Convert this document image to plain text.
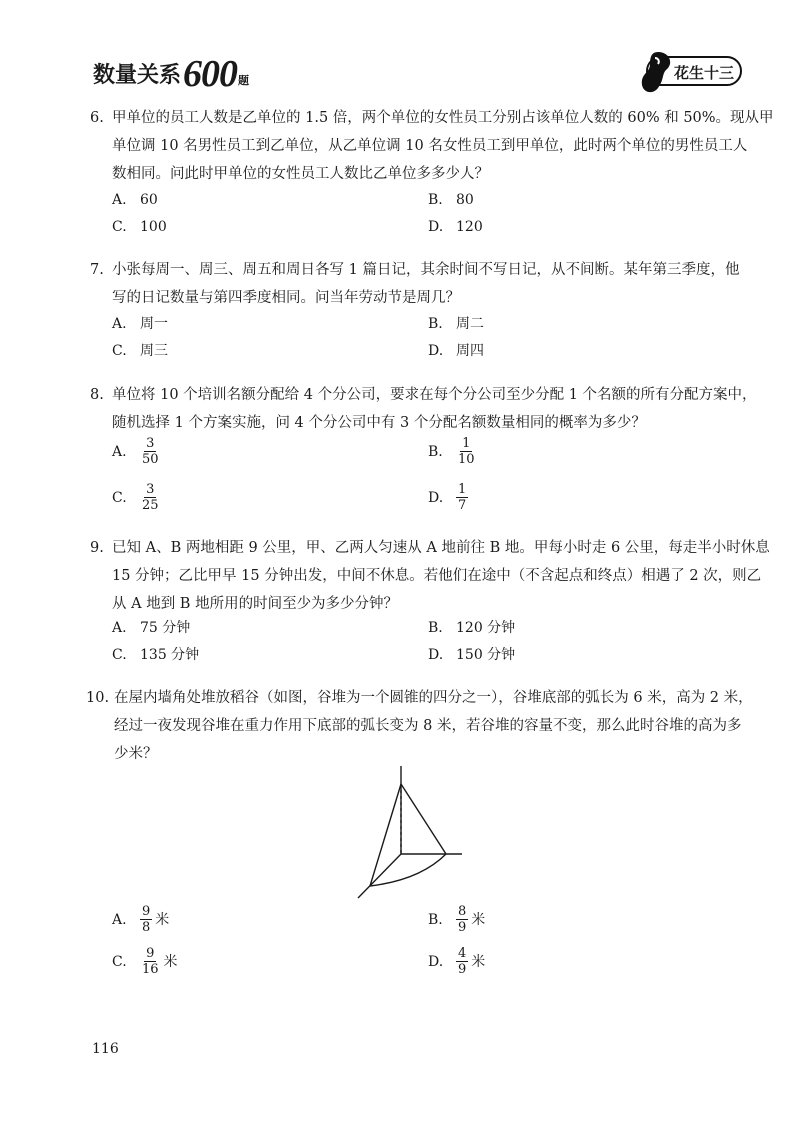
数量关系 600 题	花生十三
6. 甲单位的员工人数是乙单位的 1.5 倍，两个单位的女性员工分别占该单位人数的 60% 和 50%。现从甲
单位调 10 名男性员工到乙单位，从乙单位调 10 名女性员工到甲单位，此时两个单位的男性员工人
数相同。问此时甲单位的女性员工人数比乙单位多多少人？
A. 60	B. 80
C. 100	D. 120
7. 小张每周一、周三、周五和周日各写 1 篇日记，其余时间不写日记，从不间断。某年第三季度，他
写的日记数量与第四季度相同。问当年劳动节是周几？
A. 周一	B. 周二
C. 周三	D. 周四
8. 单位将 10 个培训名额分配给 4 个分公司，要求在每个分公司至少分配 1 个名额的所有分配方案中，
随机选择 1 个方案实施，问 4 个分公司中有 3 个分配名额数量相同的概率为多少？
A.	$\frac{3}{50}$	B.	$\frac{1}{10}$
C.	$\frac{3}{25}$	D. $\frac{1}{7}$
9. 已知 A、B 两地相距 9 公里，甲、乙两人匀速从 A 地前往 B 地。甲每小时走 6 公里，每走半小时休息
15 分钟；乙比甲早 15 分钟出发，中间不休息。若他们在途中（不含起点和终点）相遇了 2 次，则乙
从 A 地到 B 地所用的时间至少为多少分钟？
A. 75 分钟	B. 120 分钟
C. 135 分钟	D. 150 分钟
10. 在屋内墙角处堆放稻谷（如图，谷堆为一个圆锥的四分之一），谷堆底部的弧长为 6 米，高为 2 米，
经过一夜发现谷堆在重力作用下底部的弧长变为 8 米，若谷堆的容量不变，那么此时谷堆的高为多
少米？
A.	$\frac{9}{8}$ 米	B.	$\frac{8}{9}$ 米
C.	$\frac{9}{16}$ 米	D. $\frac{4}{9}$ 米
116
